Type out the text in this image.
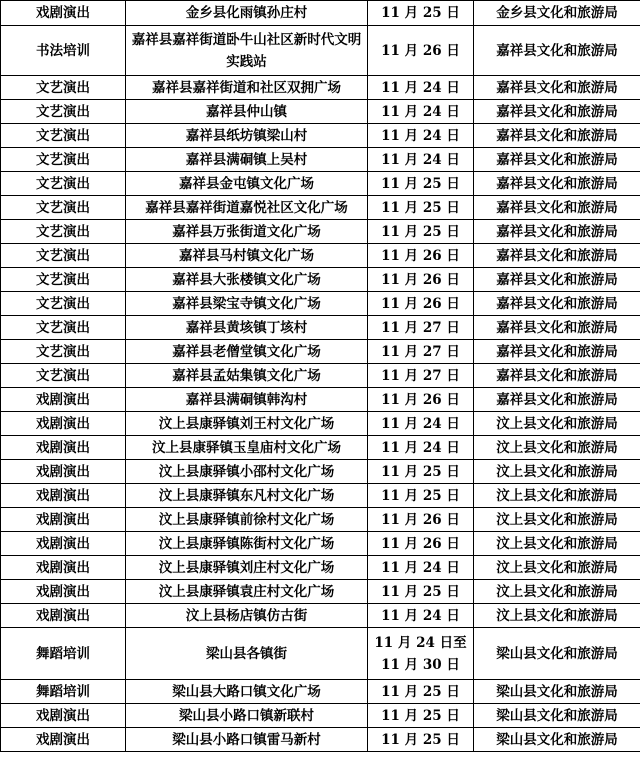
戏剧演出	金乡县化雨镇孙庄村	11 月 25 日	金乡县文化和旅游局
书法培训	嘉祥县嘉祥街道卧牛山社区新时代文明实践站	11 月 26 日	嘉祥县文化和旅游局
文艺演出	嘉祥县嘉祥街道和社区双拥广场	11 月 24 日	嘉祥县文化和旅游局
文艺演出	嘉祥县仲山镇	11 月 24 日	嘉祥县文化和旅游局
文艺演出	嘉祥县纸坊镇梁山村	11 月 24 日	嘉祥县文化和旅游局
文艺演出	嘉祥县满硐镇上吴村	11 月 24 日	嘉祥县文化和旅游局
文艺演出	嘉祥县金屯镇文化广场	11 月 25 日	嘉祥县文化和旅游局
文艺演出	嘉祥县嘉祥街道嘉悦社区文化广场	11 月 25 日	嘉祥县文化和旅游局
文艺演出	嘉祥县万张街道文化广场	11 月 25 日	嘉祥县文化和旅游局
文艺演出	嘉祥县马村镇文化广场	11 月 26 日	嘉祥县文化和旅游局
文艺演出	嘉祥县大张楼镇文化广场	11 月 26 日	嘉祥县文化和旅游局
文艺演出	嘉祥县梁宝寺镇文化广场	11 月 26 日	嘉祥县文化和旅游局
文艺演出	嘉祥县黄垓镇丁垓村	11 月 27 日	嘉祥县文化和旅游局
文艺演出	嘉祥县老僧堂镇文化广场	11 月 27 日	嘉祥县文化和旅游局
文艺演出	嘉祥县孟姑集镇文化广场	11 月 27 日	嘉祥县文化和旅游局
戏剧演出	嘉祥县满硐镇韩沟村	11 月 26 日	嘉祥县文化和旅游局
戏剧演出	汶上县康驿镇刘王村文化广场	11 月 24 日	汶上县文化和旅游局
戏剧演出	汶上县康驿镇玉皇庙村文化广场	11 月 24 日	汶上县文化和旅游局
戏剧演出	汶上县康驿镇小邵村文化广场	11 月 25 日	汶上县文化和旅游局
戏剧演出	汶上县康驿镇东凡村文化广场	11 月 25 日	汶上县文化和旅游局
戏剧演出	汶上县康驿镇前徐村文化广场	11 月 26 日	汶上县文化和旅游局
戏剧演出	汶上县康驿镇陈街村文化广场	11 月 26 日	汶上县文化和旅游局
戏剧演出	汶上县康驿镇刘庄村文化广场	11 月 24 日	汶上县文化和旅游局
戏剧演出	汶上县康驿镇袁庄村文化广场	11 月 25 日	汶上县文化和旅游局
戏剧演出	汶上县杨店镇仿古街	11 月 24 日	汶上县文化和旅游局
舞蹈培训	梁山县各镇街	11 月 24 日至 11 月 30 日	梁山县文化和旅游局
舞蹈培训	梁山县大路口镇文化广场	11 月 25 日	梁山县文化和旅游局
戏剧演出	梁山县小路口镇新联村	11 月 25 日	梁山县文化和旅游局
戏剧演出	梁山县小路口镇雷马新村	11 月 25 日	梁山县文化和旅游局
